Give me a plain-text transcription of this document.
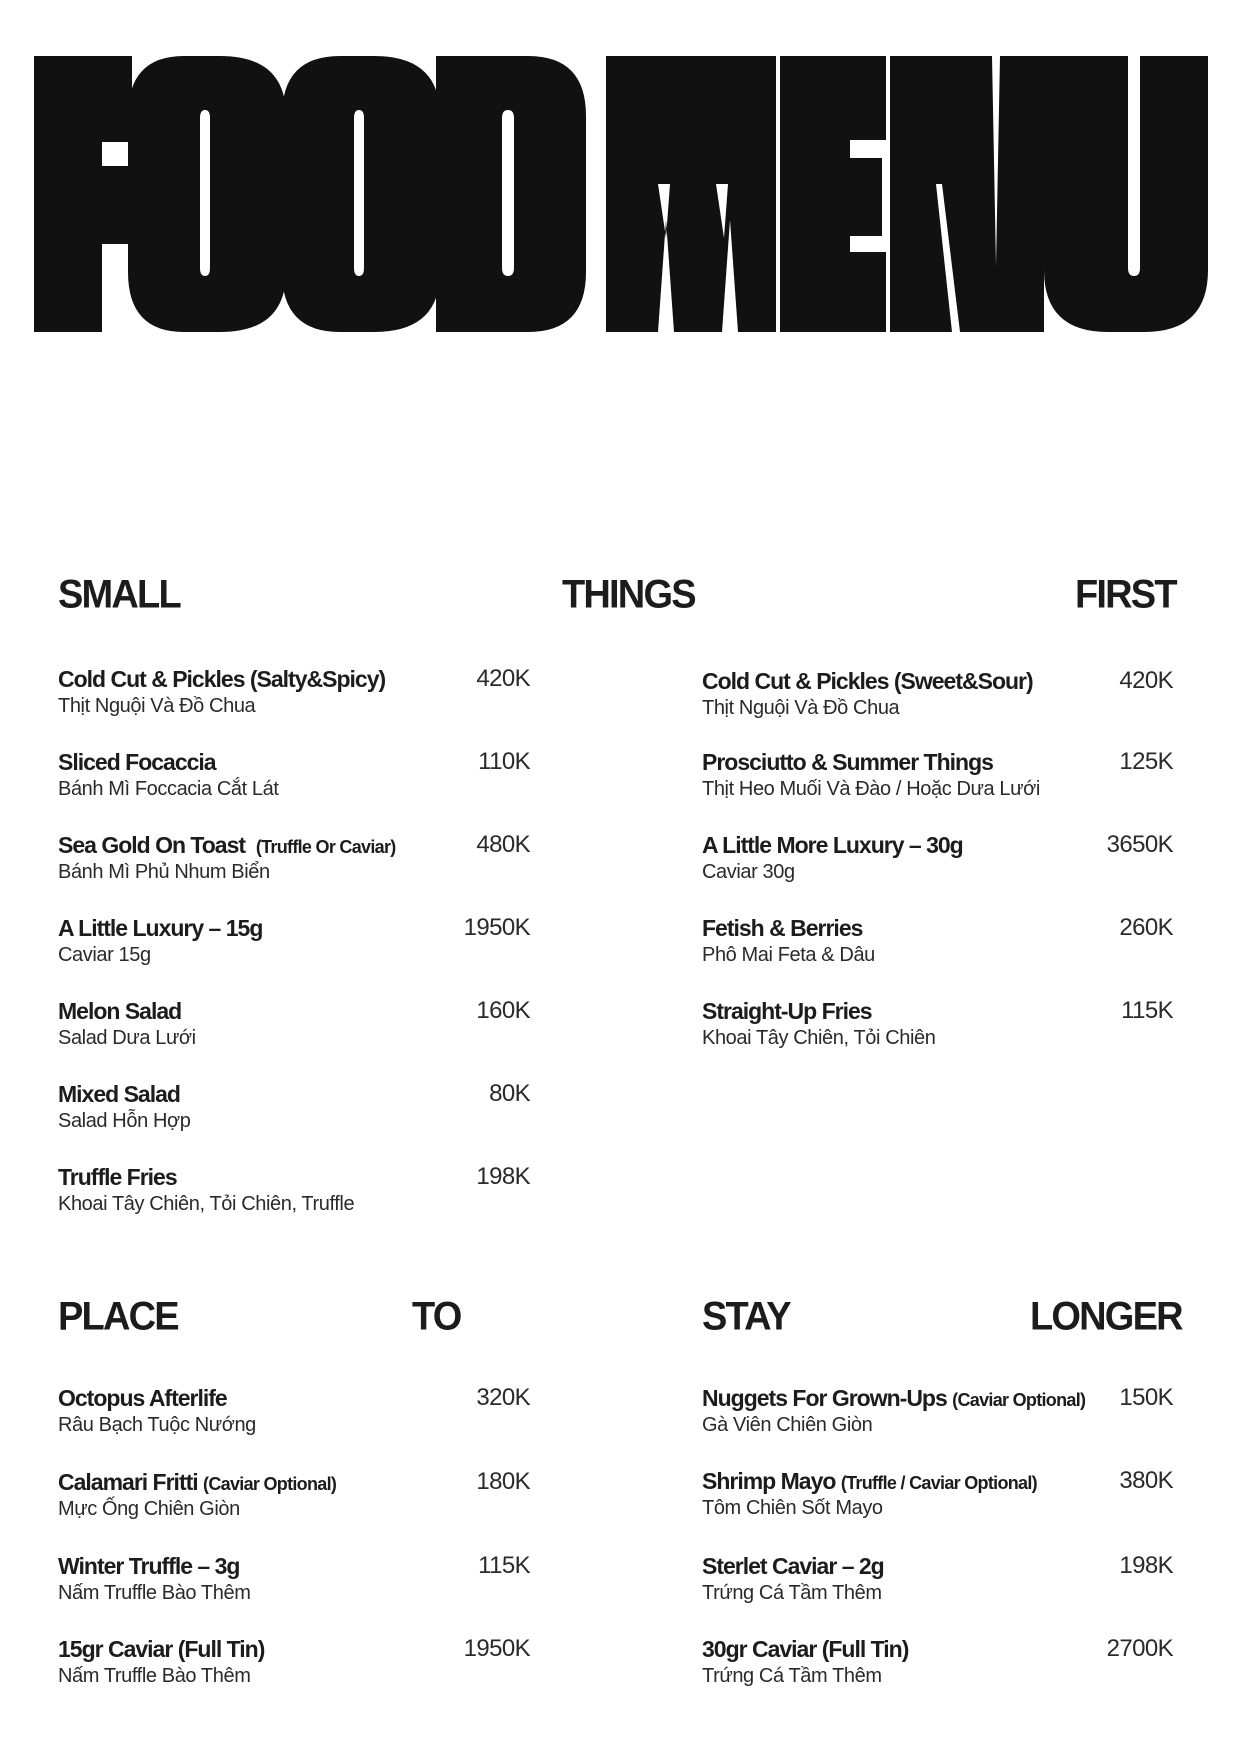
SMALL	THINGS	FIRST
Cold Cut & Pickles (Salty&Spicy)
Thịt Nguội Và Đồ Chua
420K
Sliced Focaccia
Bánh Mì Foccacia Cắt Lát
110K
Sea Gold On Toast (Truffle Or Caviar)
Bánh Mì Phủ Nhum Biển
480K
A Little Luxury – 15g
Caviar 15g
1950K
Melon Salad
Salad Dưa Lưới
160K
Mixed Salad
Salad Hỗn Hợp
80K
Truffle Fries
Khoai Tây Chiên, Tỏi Chiên, Truffle
198K
Cold Cut & Pickles (Sweet&Sour)
Thịt Nguội Và Đồ Chua
420K
Prosciutto & Summer Things
Thịt Heo Muối Và Đào / Hoặc Dưa Lưới
125K
A Little More Luxury – 30g
Caviar 30g
3650K
Fetish & Berries
Phô Mai Feta & Dâu
260K
Straight-Up Fries
Khoai Tây Chiên, Tỏi Chiên
115K
PLACE	TO	STAY	LONGER
Octopus Afterlife
Râu Bạch Tuộc Nướng
320K
Calamari Fritti (Caviar Optional)
Mực Ống Chiên Giòn
180K
Winter Truffle – 3g
Nấm Truffle Bào Thêm
115K
15gr Caviar (Full Tin)
Nấm Truffle Bào Thêm
1950K
Nuggets For Grown-Ups (Caviar Optional)
Gà Viên Chiên Giòn
150K
Shrimp Mayo (Truffle / Caviar Optional)
Tôm Chiên Sốt Mayo
380K
Sterlet Caviar – 2g
Trứng Cá Tầm Thêm
198K
30gr Caviar (Full Tin)
Trứng Cá Tầm Thêm
2700K
